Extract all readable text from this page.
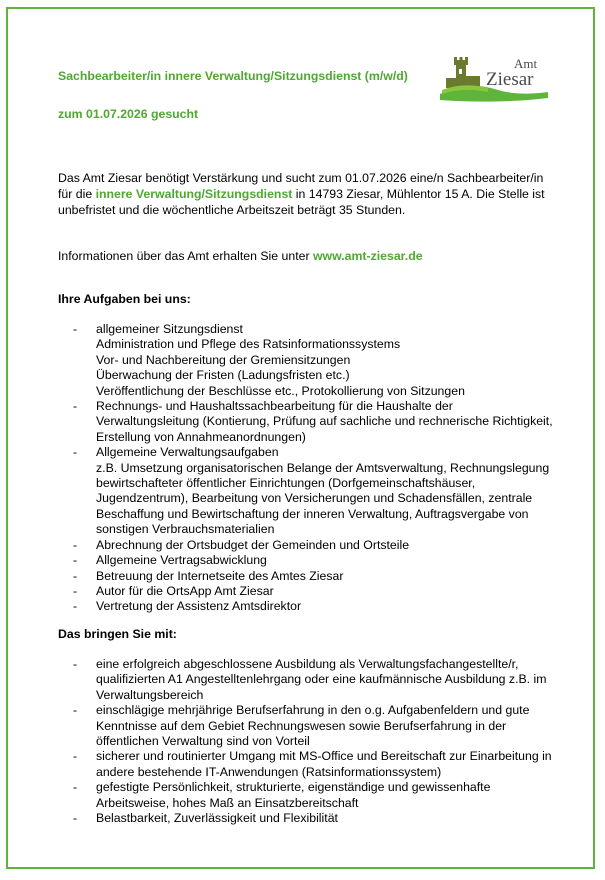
Sachbearbeiter/in innere Verwaltung/Sitzungsdienst (m/w/d)
zum 01.07.2026 gesucht
Amt
Ziesar
Das Amt Ziesar benötigt Verstärkung und sucht zum 01.07.2026 eine/n Sachbearbeiter/in für die innere Verwaltung/Sitzungsdienst in 14793 Ziesar, Mühlentor 15 A. Die Stelle ist unbefristet und die wöchentliche Arbeitszeit beträgt 35 Stunden.
Informationen über das Amt erhalten Sie unter www.amt-ziesar.de
Ihre Aufgaben bei uns:
- allgemeiner Sitzungsdienst
Administration und Pflege des Ratsinformationssystems
Vor- und Nachbereitung der Gremiensitzungen
Überwachung der Fristen (Ladungsfristen etc.)
Veröffentlichung der Beschlüsse etc., Protokollierung von Sitzungen
- Rechnungs- und Haushaltssachbearbeitung für die Haushalte der Verwaltungsleitung (Kontierung, Prüfung auf sachliche und rechnerische Richtigkeit, Erstellung von Annahmeanordnungen)
- Allgemeine Verwaltungsaufgaben
z.B. Umsetzung organisatorischen Belange der Amtsverwaltung, Rechnungslegung bewirtschafteter öffentlicher Einrichtungen (Dorfgemeinschaftshäuser, Jugendzentrum), Bearbeitung von Versicherungen und Schadensfällen, zentrale Beschaffung und Bewirtschaftung der inneren Verwaltung, Auftragsvergabe von sonstigen Verbrauchsmaterialien
- Abrechnung der Ortsbudget der Gemeinden und Ortsteile
- Allgemeine Vertragsabwicklung
- Betreuung der Internetseite des Amtes Ziesar
- Autor für die OrtsApp Amt Ziesar
- Vertretung der Assistenz Amtsdirektor
Das bringen Sie mit:
- eine erfolgreich abgeschlossene Ausbildung als Verwaltungsfachangestellte/r, qualifizierten A1 Angestelltenlehrgang oder eine kaufmännische Ausbildung z.B. im Verwaltungsbereich
- einschlägige mehrjährige Berufserfahrung in den o.g. Aufgabenfeldern und gute Kenntnisse auf dem Gebiet Rechnungswesen sowie Berufserfahrung in der öffentlichen Verwaltung sind von Vorteil
- sicherer und routinierter Umgang mit MS-Office und Bereitschaft zur Einarbeitung in andere bestehende IT-Anwendungen (Ratsinformationssystem)
- gefestigte Persönlichkeit, strukturierte, eigenständige und gewissenhafte Arbeitsweise, hohes Maß an Einsatzbereitschaft
- Belastbarkeit, Zuverlässigkeit und Flexibilität
